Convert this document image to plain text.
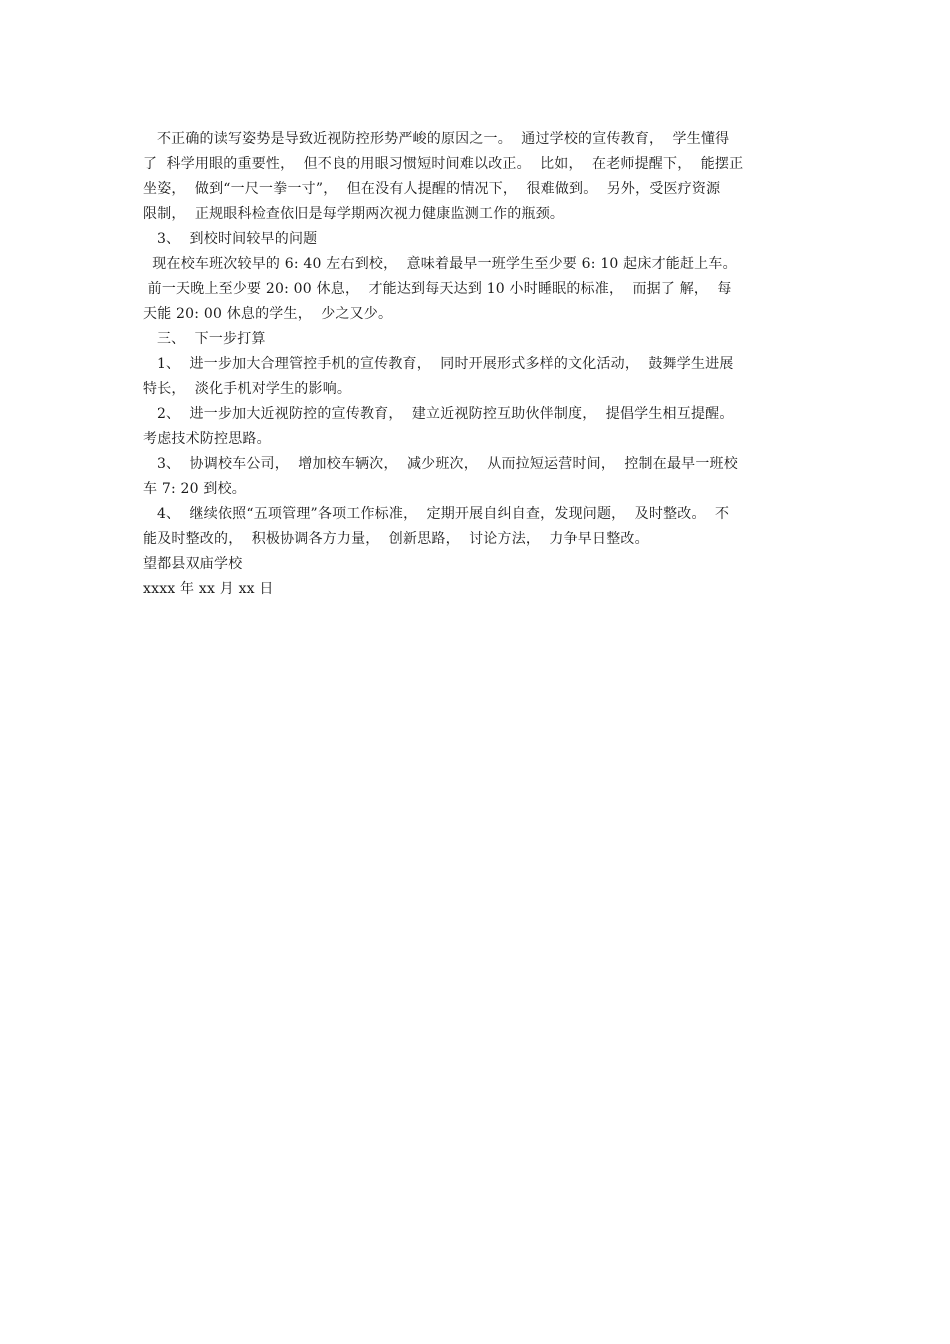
不正确的读写姿势是导致近视防控形势严峻的原因之一。  通过学校的宣传教育，  学生懂得
了  科学用眼的重要性，  但不良的用眼习惯短时间难以改正。  比如，  在老师提醒下，  能摆正
坐姿，  做到“一尺一拳一寸”，  但在没有人提醒的情况下，  很难做到。  另外，受医疗资源
限制，  正规眼科检查依旧是每学期两次视力健康监测工作的瓶颈。
3、  到校时间较早的问题
现在校车班次较早的 6: 40 左右到校，  意味着最早一班学生至少要 6: 10 起床才能赶上车。
前一天晚上至少要 20: 00 休息，  才能达到每天达到 10 小时睡眠的标准，  而据了 解，  每
天能 20: 00 休息的学生，  少之又少。
三、  下一步打算
1、  进一步加大合理管控手机的宣传教育，  同时开展形式多样的文化活动，  鼓舞学生进展
特长，  淡化手机对学生的影响。
2、  进一步加大近视防控的宣传教育，  建立近视防控互助伙伴制度，  提倡学生相互提醒。
考虑技术防控思路。
3、  协调校车公司，  增加校车辆次，  减少班次，  从而拉短运营时间，  控制在最早一班校
车 7: 20 到校。
4、  继续依照“五项管理”各项工作标准，  定期开展自纠自查，发现问题，  及时整改。  不
能及时整改的，  积极协调各方力量，  创新思路，  讨论方法，  力争早日整改。
望都县双庙学校
xxxx 年 xx 月 xx 日
